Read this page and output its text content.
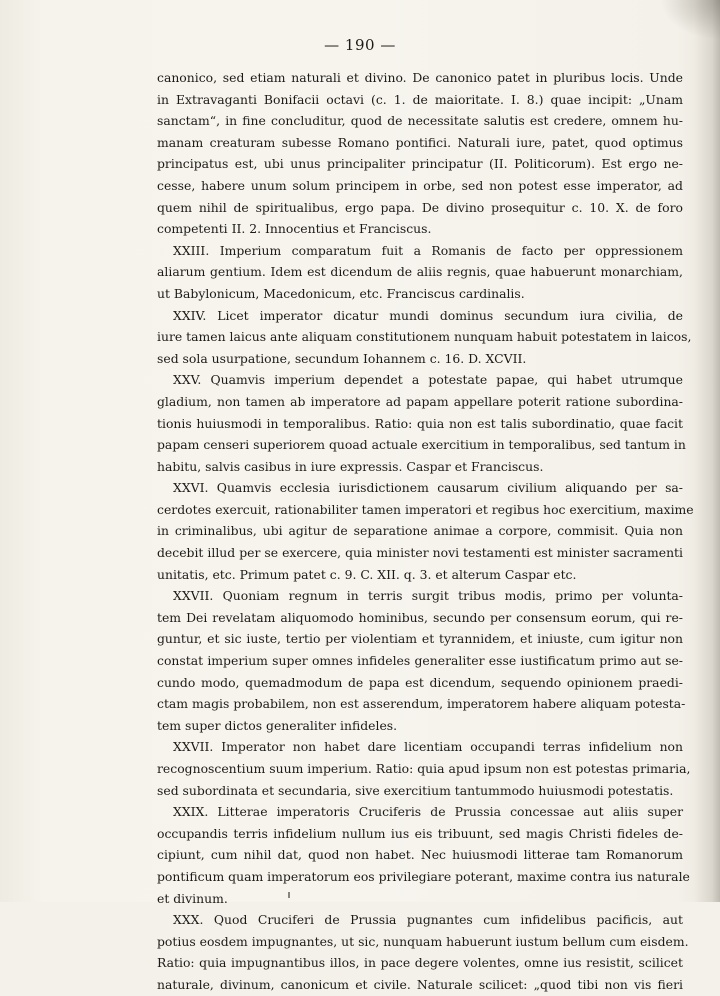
— 190 —
canonico, sed etiam naturali et divino. De canonico patet in pluribus locis. Unde
in Extravaganti Bonifacii octavi (c. 1. de maioritate. I. 8.) quae incipit: „Unam
sanctam“, in fine concluditur, quod de necessitate salutis est credere, omnem hu-
manam creaturam subesse Romano pontifici. Naturali iure, patet, quod optimus
principatus est, ubi unus principaliter principatur (II. Politicorum). Est ergo ne-
cesse, habere unum solum principem in orbe, sed non potest esse imperator, ad
quem nihil de spiritualibus, ergo papa. De divino prosequitur c. 10. X. de foro
competenti II. 2. Innocentius et Franciscus.
XXIII. Imperium comparatum fuit a Romanis de facto per oppressionem
aliarum gentium. Idem est dicendum de aliis regnis, quae habuerunt monarchiam,
ut Babylonicum, Macedonicum, etc. Franciscus cardinalis.
XXIV. Licet imperator dicatur mundi dominus secundum iura civilia, de
iure tamen laicus ante aliquam constitutionem nunquam habuit potestatem in laicos,
sed sola usurpatione, secundum Iohannem c. 16. D. XCVII.
XXV. Quamvis imperium dependet a potestate papae, qui habet utrumque
gladium, non tamen ab imperatore ad papam appellare poterit ratione subordina-
tionis huiusmodi in temporalibus. Ratio: quia non est talis subordinatio, quae facit
papam censeri superiorem quoad actuale exercitium in temporalibus, sed tantum in
habitu, salvis casibus in iure expressis. Caspar et Franciscus.
XXVI. Quamvis ecclesia iurisdictionem causarum civilium aliquando per sa-
cerdotes exercuit, rationabiliter tamen imperatori et regibus hoc exercitium, maxime
in criminalibus, ubi agitur de separatione animae a corpore, commisit. Quia non
decebit illud per se exercere, quia minister novi testamenti est minister sacramenti
unitatis, etc. Primum patet c. 9. C. XII. q. 3. et alterum Caspar etc.
XXVII. Quoniam regnum in terris surgit tribus modis, primo per volunta-
tem Dei revelatam aliquomodo hominibus, secundo per consensum eorum, qui re-
guntur, et sic iuste, tertio per violentiam et tyrannidem, et iniuste, cum igitur non
constat imperium super omnes infideles generaliter esse iustificatum primo aut se-
cundo modo, quemadmodum de papa est dicendum, sequendo opinionem praedi-
ctam magis probabilem, non est asserendum, imperatorem habere aliquam potesta-
tem super dictos generaliter infideles.
XXVII. Imperator non habet dare licentiam occupandi terras infidelium non
recognoscentium suum imperium. Ratio: quia apud ipsum non est potestas primaria,
sed subordinata et secundaria, sive exercitium tantummodo huiusmodi potestatis.
XXIX. Litterae imperatoris Cruciferis de Prussia concessae aut aliis super
occupandis terris infidelium nullum ius eis tribuunt, sed magis Christi fideles de-
cipiunt, cum nihil dat, quod non habet. Nec huiusmodi litterae tam Romanorum
pontificum quam imperatorum eos privilegiare poterant, maxime contra ius naturale
et divinum.
XXX. Quod Cruciferi de Prussia pugnantes cum infidelibus pacificis, aut
potius eosdem impugnantes, ut sic, nunquam habuerunt iustum bellum cum eisdem.
Ratio: quia impugnantibus illos, in pace degere volentes, omne ius resistit, scilicet
naturale, divinum, canonicum et civile. Naturale scilicet: „quod tibi non vis fieri
